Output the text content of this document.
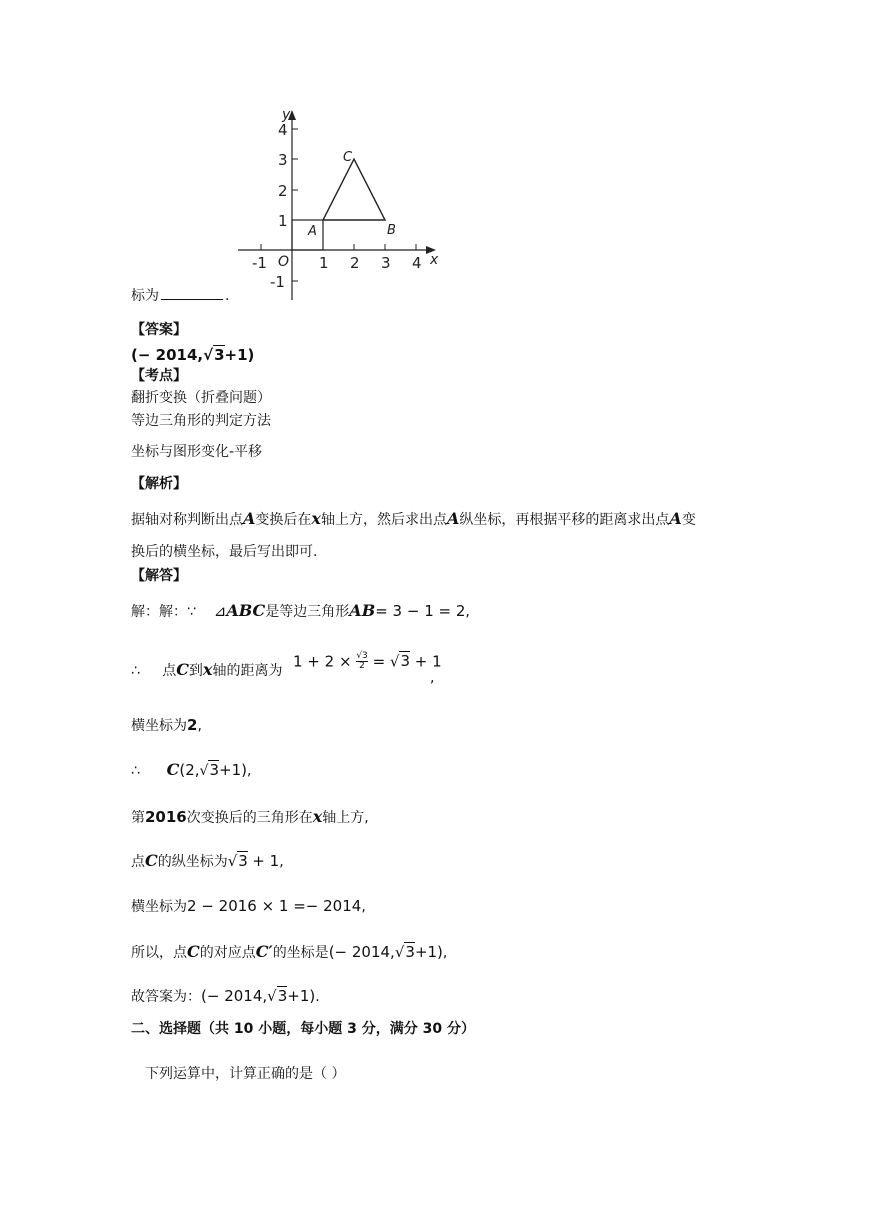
4
3
2
1
-1
-1	1 2 3 4
O	x
y
A	B
C
标为	.
【答案】
(− 2014,√3+1)
【考点】
翻折变换（折叠问题）
等边三角形的判定方法
坐标与图形变化-平移
【解析】
据轴对称判断出点A变换后在x轴上方，然后求出点A纵坐标，再根据平移的距离求出点A变
换后的横坐标，最后写出即可.
【解答】
解：解：∵ ⊿ABC是等边三角形AB= 3 − 1 = 2,
∴ 点C到x轴的距离为
$1 + 2 \times \frac{√3}{2} = √3 + 1$
,
横坐标为2,
∴ C(2,√3+1),
第2016次变换后的三角形在x轴上方,
点C的纵坐标为√3 + 1,
横坐标为2 − 2016 × 1 =− 2014,
所以，点C的对应点C′的坐标是(− 2014,√3+1),
故答案为：(− 2014,√3+1).
二、选择题（共 10 小题，每小题 3 分，满分 30 分）
下列运算中，计算正确的是（ ）
